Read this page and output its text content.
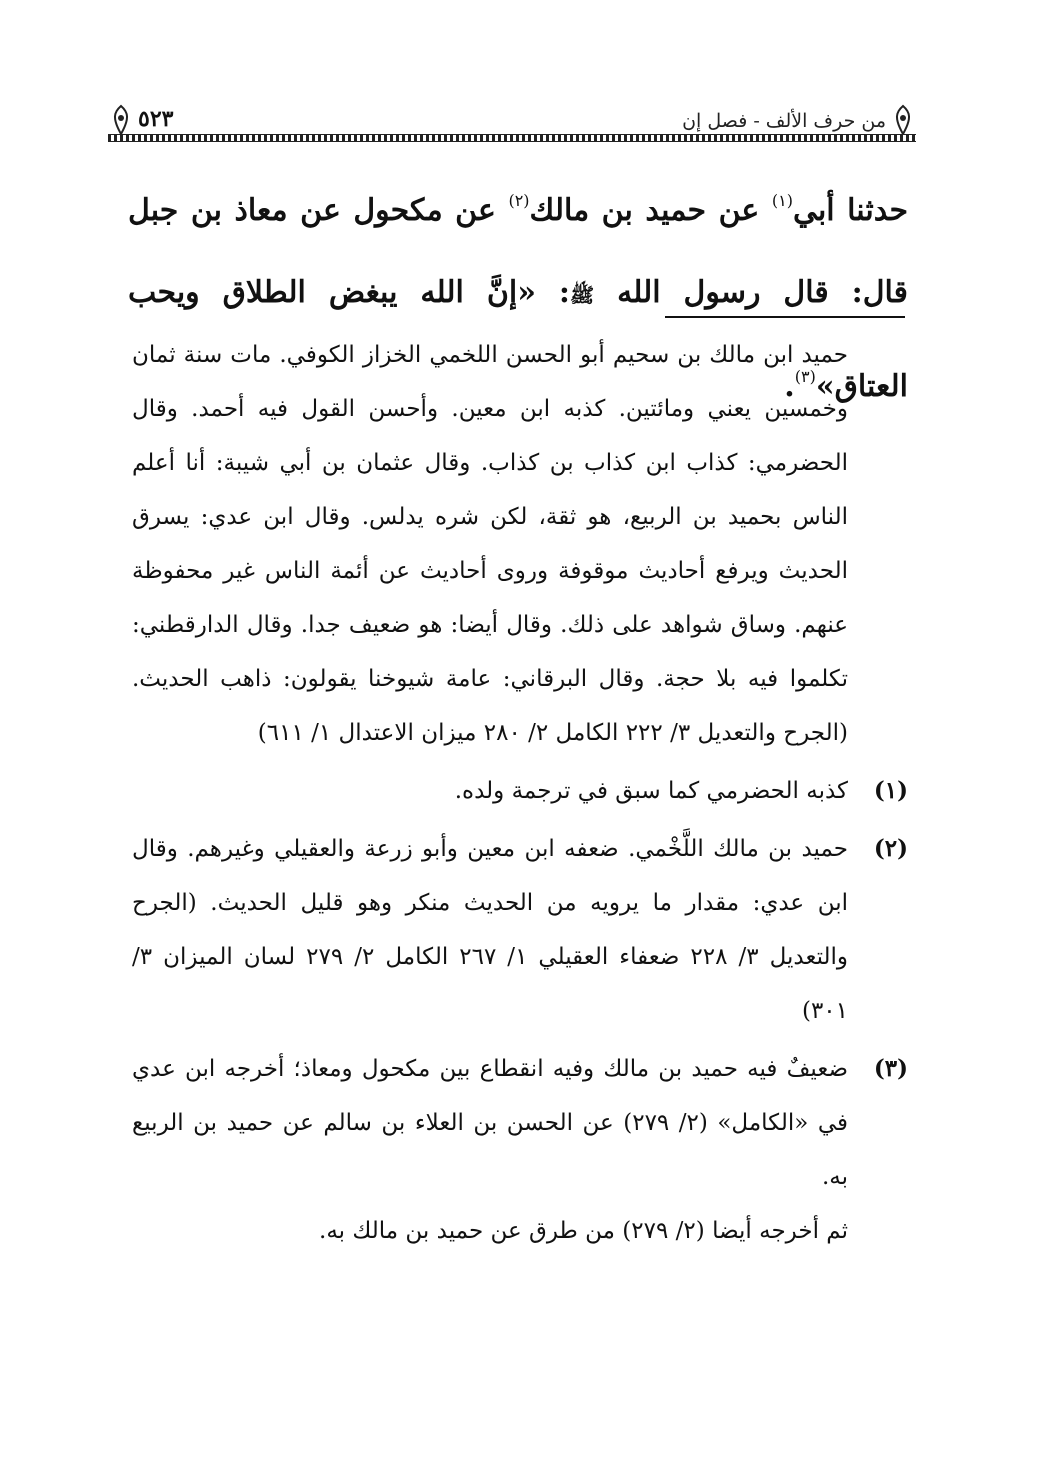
من حرف الألف - فصل إن
٥٢٣

حدثنا أبي$^{(١)}$ عن حميد بن مالك$^{(٢)}$ عن مكحول عن معاذ بن جبل قال: قال رسول الله ﷺ: «إنَّ الله يبغض الطلاق ويحب العتاق»$^{(٣)}$.

حميد ابن مالك بن سحيم أبو الحسن اللخمي الخزاز الكوفي. مات سنة ثمان وخمسين يعني ومائتين. كذبه ابن معين. وأحسن القول فيه أحمد. وقال الحضرمي: كذاب ابن كذاب بن كذاب. وقال عثمان بن أبي شيبة: أنا أعلم الناس بحميد بن الربيع، هو ثقة، لكن شره يدلس. وقال ابن عدي: يسرق الحديث ويرفع أحاديث موقوفة وروى أحاديث عن أئمة الناس غير محفوظة عنهم. وساق شواهد على ذلك. وقال أيضا: هو ضعيف جدا. وقال الدارقطني: تكلموا فيه بلا حجة. وقال البرقاني: عامة شيوخنا يقولون: ذاهب الحديث. (الجرح والتعديل ٣/ ٢٢٢ الكامل ٢/ ٢٨٠ ميزان الاعتدال ١/ ٦١١)

(١)
كذبه الحضرمي كما سبق في ترجمة ولده.
(٢)
حميد بن مالك اللَّخْمي. ضعفه ابن معين وأبو زرعة والعقيلي وغيرهم. وقال ابن عدي: مقدار ما يرويه من الحديث منكر وهو قليل الحديث. (الجرح والتعديل ٣/ ٢٢٨ ضعفاء العقيلي ١/ ٢٦٧ الكامل ٢/ ٢٧٩ لسان الميزان ٣/ ٣٠١)
(٣)
ضعيفٌ فيه حميد بن مالك وفيه انقطاع بين مكحول ومعاذ؛ أخرجه ابن عدي في «الكامل» (٢/ ٢٧٩) عن الحسن بن العلاء بن سالم عن حميد بن الربيع به.

ثم أخرجه أيضا (٢/ ٢٧٩) من طرق عن حميد بن مالك به.
